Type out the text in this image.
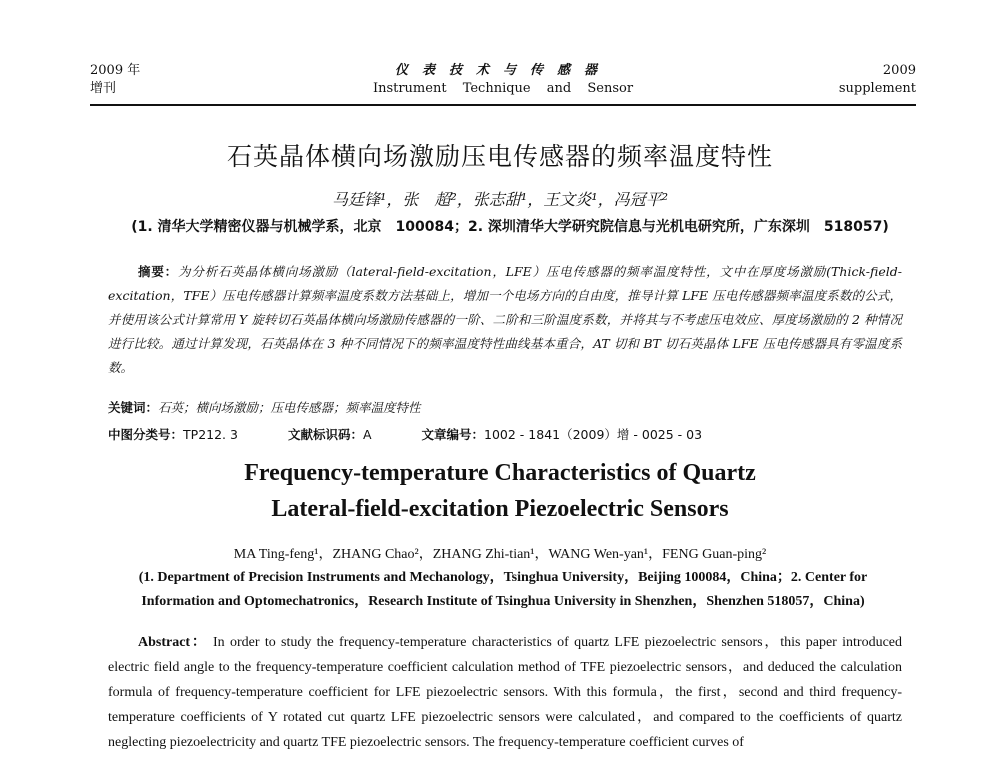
2009 年
增刊
仪表技术与传感器
Instrument Technique and Sensor
2009
supplement
石英晶体横向场激励压电传感器的频率温度特性
马廷锋¹，张　超²，张志甜¹，王文炎¹，冯冠平²
(1. 清华大学精密仪器与机械学系，北京　100084；2. 深圳清华大学研究院信息与光机电研究所，广东深圳　518057)
摘要：为分析石英晶体横向场激励（lateral-field-excitation，LFE）压电传感器的频率温度特性，文中在厚度场激励(Thick-field-excitation，TFE）压电传感器计算频率温度系数方法基础上，增加一个电场方向的自由度，推导计算 LFE 压电传感器频率温度系数的公式，并使用该公式计算常用 Y 旋转切石英晶体横向场激励传感器的一阶、二阶和三阶温度系数，并将其与不考虑压电效应、厚度场激励的 2 种情况进行比较。通过计算发现，石英晶体在 3 种不同情况下的频率温度特性曲线基本重合，AT 切和 BT 切石英晶体 LFE 压电传感器具有零温度系数。
关键词：石英；横向场激励；压电传感器；频率温度特性
中图分类号：TP212. 3	文献标识码：A	文章编号：1002 - 1841（2009）增 - 0025 - 03
Frequency-temperature Characteristics of Quartz
Lateral-field-excitation Piezoelectric Sensors
MA Ting-feng¹，ZHANG Chao²，ZHANG Zhi-tian¹，WANG Wen-yan¹，FENG Guan-ping²
(1. Department of Precision Instruments and Mechanology，Tsinghua University，Beijing 100084，China；2. Center for Information and Optomechatronics，Research Institute of Tsinghua University in Shenzhen，Shenzhen 518057，China)
Abstract： In order to study the frequency-temperature characteristics of quartz LFE piezoelectric sensors，this paper introduced electric field angle to the frequency-temperature coefficient calculation method of TFE piezoelectric sensors，and deduced the calculation formula of frequency-temperature coefficient for LFE piezoelectric sensors. With this formula，the first，second and third frequency-temperature coefficients of Y rotated cut quartz LFE piezoelectric sensors were calculated，and compared to the coefficients of quartz neglecting piezoelectricity and quartz TFE piezoelectric sensors. The frequency-temperature coefficient curves of
